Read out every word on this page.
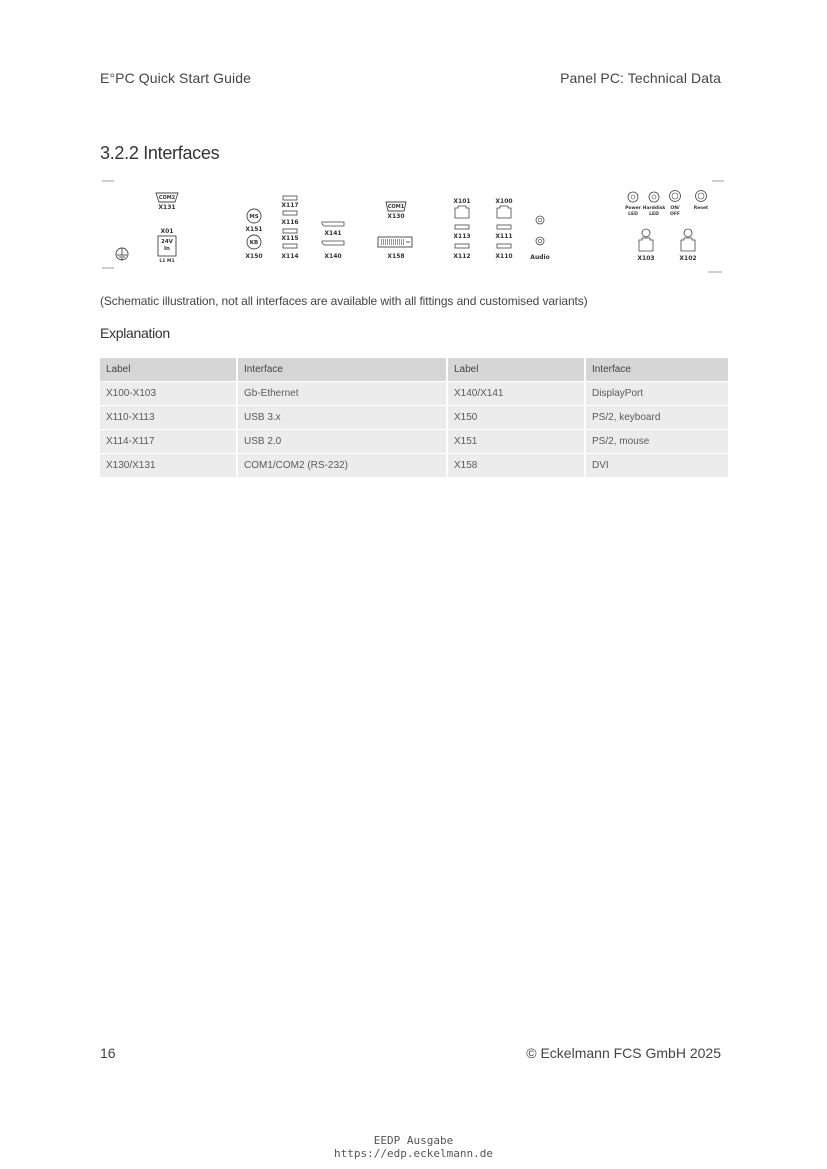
E°PC Quick Start Guide	Panel PC: Technical Data
3.2.2 Interfaces
COM2
X131
X01
24V
In
L1 M1
MS
X151
KB
X150
X117
X116
X115
X114
X141
X140
COM1
X130
X158
X101
X113
X112
X100
X111
X110	Audio
Power
LED
Harddisk
LED
ON/
OFF
Reset
X103	X102
(Schematic illustration, not all interfaces are available with all fittings and customised variants)
Explanation
Label	Interface	Label	Interface
X100-X103	Gb-Ethernet	X140/X141	DisplayPort
X110-X113	USB 3.x	X150	PS/2, keyboard
X114-X117	USB 2.0	X151	PS/2, mouse
X130/X131	COM1/COM2 (RS-232)	X158	DVI
16	© Eckelmann FCS GmbH 2025
EEDP Ausgabe
https://edp.eckelmann.de
